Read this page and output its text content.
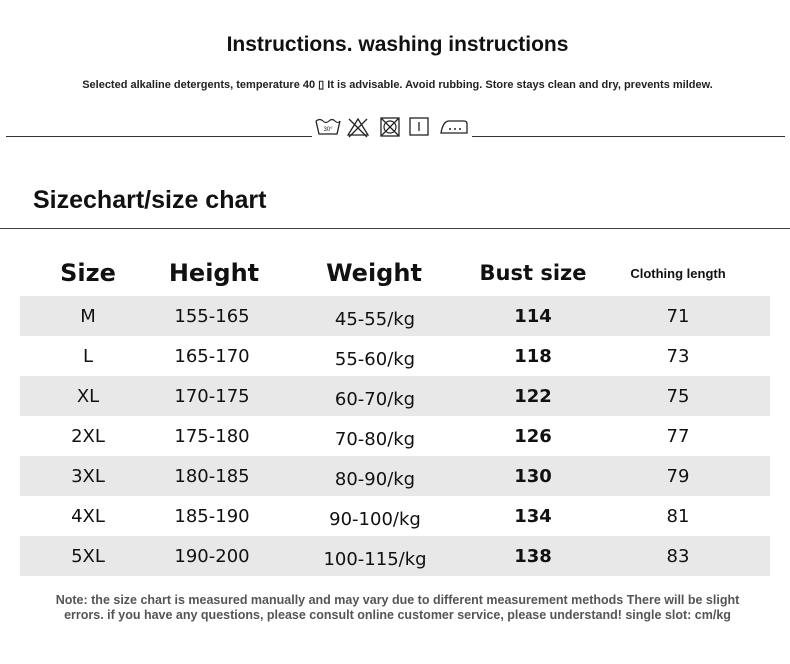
Instructions. washing instructions
Selected alkaline detergents, temperature 40 ▯ It is advisable. Avoid rubbing. Store stays clean and dry, prevents mildew.
30°
Sizechart/size chart
Size	Height	Weight	Bust size	Clothing length
M	155-165	45-55/kg	114	71
L	165-170	55-60/kg	118	73
XL	170-175	60-70/kg	122	75
2XL	175-180	70-80/kg	126	77
3XL	180-185	80-90/kg	130	79
4XL	185-190	90-100/kg	134	81
5XL	190-200	100-115/kg	138	83
Note: the size chart is measured manually and may vary due to different measurement methods There will be slight
errors. if you have any questions, please consult online customer service, please understand! single slot: cm/kg
